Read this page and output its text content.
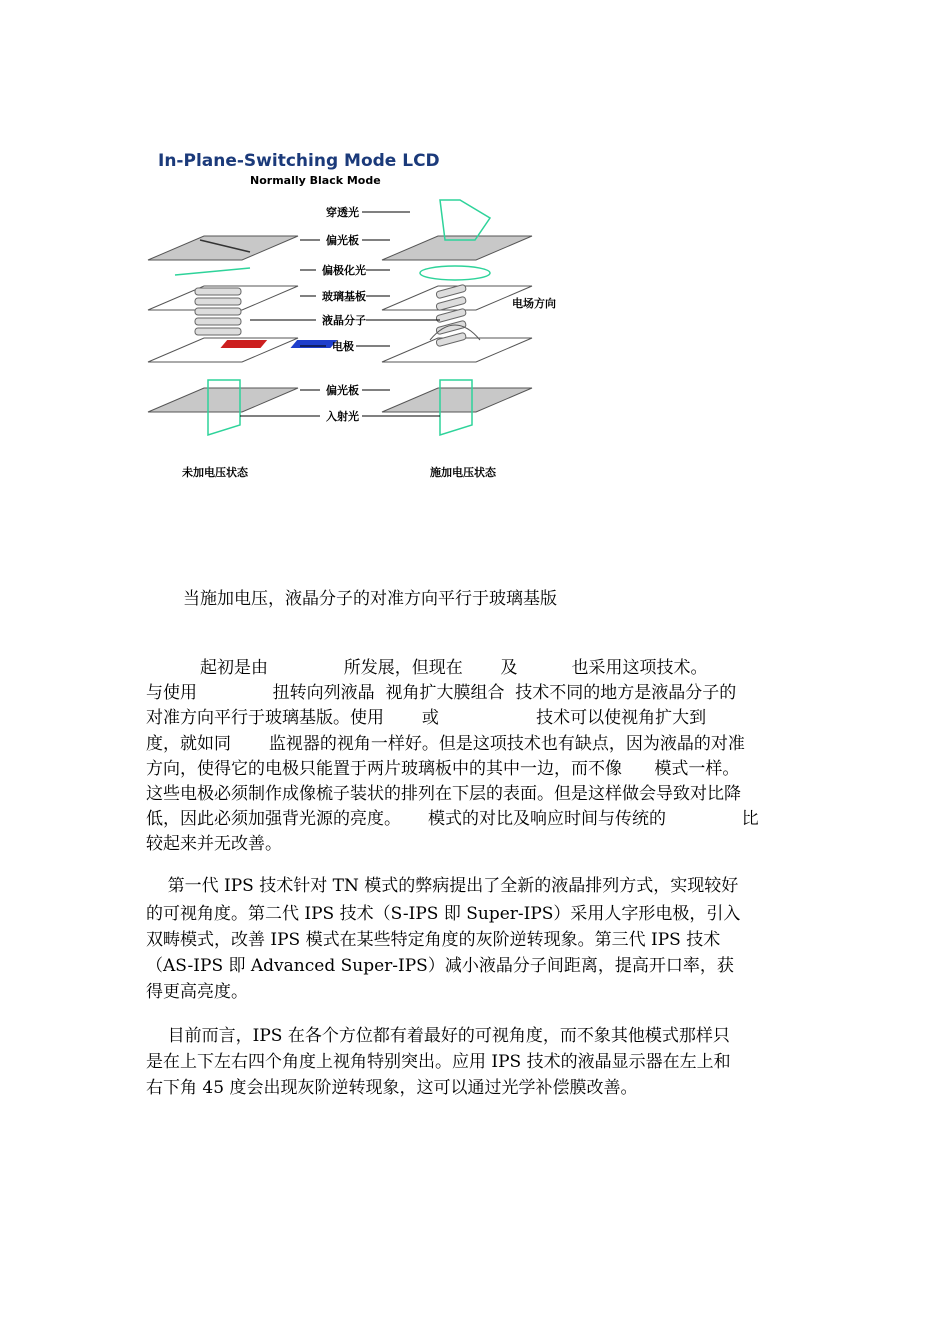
In-Plane-Switching Mode LCD
Normally Black Mode
穿透光
偏光板
偏极化光
玻璃基板
液晶分子
电极
偏光板
入射光
电场方向
未加电压状态	施加电压状态
当施加电压，液晶分子的对准方向平行于玻璃基版
起初是由              所发展，但现在       及          也采用这项技术。
与使用              扭转向列液晶  视角扩大膜组合  技术不同的地方是液晶分子的
对准方向平行于玻璃基版。使用       或                  技术可以使视角扩大到
度，就如同       监视器的视角一样好。但是这项技术也有缺点，因为液晶的对准
方向，使得它的电极只能置于两片玻璃板中的其中一边，而不像      模式一样。
这些电极必须制作成像梳子装状的排列在下层的表面。但是这样做会导致对比降
低，因此必须加强背光源的亮度。     模式的对比及响应时间与传统的              比
较起来并无改善。
第一代 IPS 技术针对 TN 模式的弊病提出了全新的液晶排列方式，实现较好
的可视角度。第二代 IPS 技术（S-IPS 即 Super-IPS）采用人字形电极，引入
双畴模式，改善 IPS 模式在某些特定角度的灰阶逆转现象。第三代 IPS 技术
（AS-IPS 即 Advanced Super-IPS）减小液晶分子间距离，提高开口率，获
得更高亮度。
目前而言，IPS 在各个方位都有着最好的可视角度，而不象其他模式那样只
是在上下左右四个角度上视角特别突出。应用 IPS 技术的液晶显示器在左上和
右下角 45 度会出现灰阶逆转现象，这可以通过光学补偿膜改善。
